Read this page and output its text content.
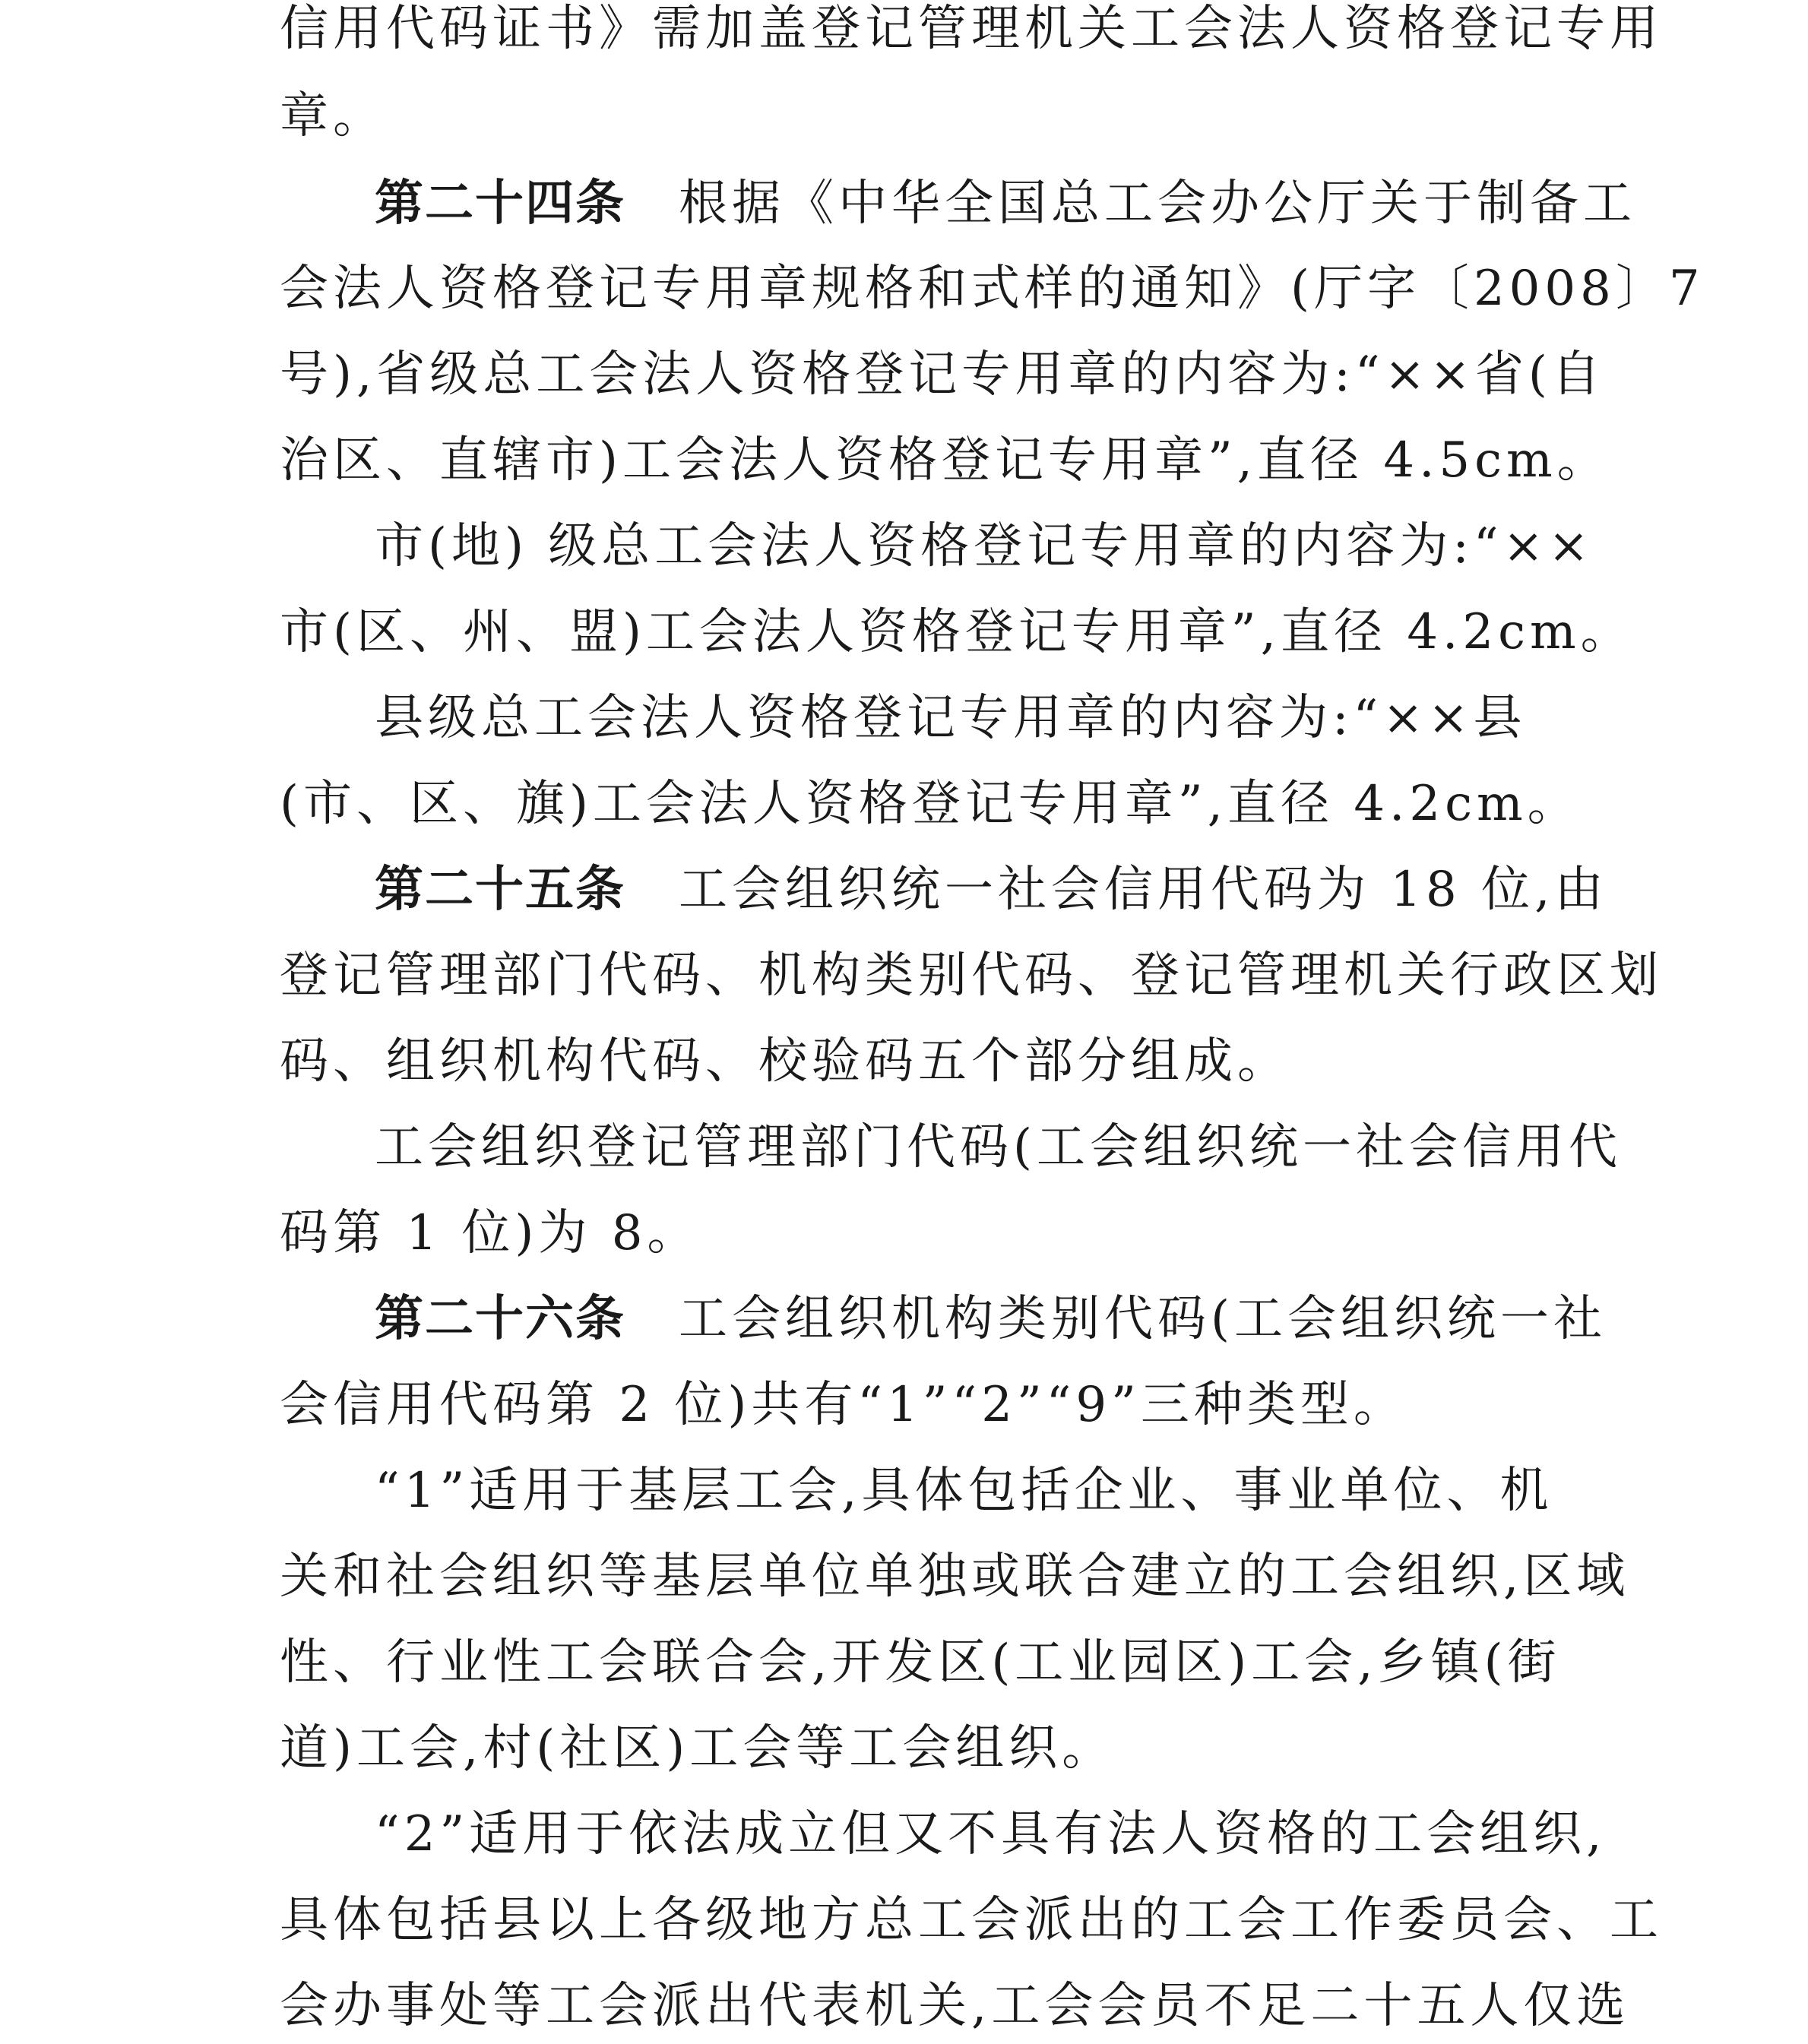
信用代码证书》需加盖登记管理机关工会法人资格登记专用
章。
第二十四条 根据《中华全国总工会办公厅关于制备工
会法人资格登记专用章规格和式样的通知》(厅字〔2008〕7
号),省级总工会法人资格登记专用章的内容为:“××省(自
治区、直辖市)工会法人资格登记专用章”,直径 4.5cm。
市(地) 级总工会法人资格登记专用章的内容为:“××
市(区、州、盟)工会法人资格登记专用章”,直径 4.2cm。
县级总工会法人资格登记专用章的内容为:“××县
(市、区、旗)工会法人资格登记专用章”,直径 4.2cm。
第二十五条 工会组织统一社会信用代码为 18 位,由
登记管理部门代码、机构类别代码、登记管理机关行政区划
码、组织机构代码、校验码五个部分组成。
工会组织登记管理部门代码(工会组织统一社会信用代
码第 1 位)为 8。
第二十六条 工会组织机构类别代码(工会组织统一社
会信用代码第 2 位)共有“1”“2”“9”三种类型。
“1”适用于基层工会,具体包括企业、事业单位、机
关和社会组织等基层单位单独或联合建立的工会组织,区域
性、行业性工会联合会,开发区(工业园区)工会,乡镇(街
道)工会,村(社区)工会等工会组织。
“2”适用于依法成立但又不具有法人资格的工会组织,
具体包括县以上各级地方总工会派出的工会工作委员会、工
会办事处等工会派出代表机关,工会会员不足二十五人仅选
